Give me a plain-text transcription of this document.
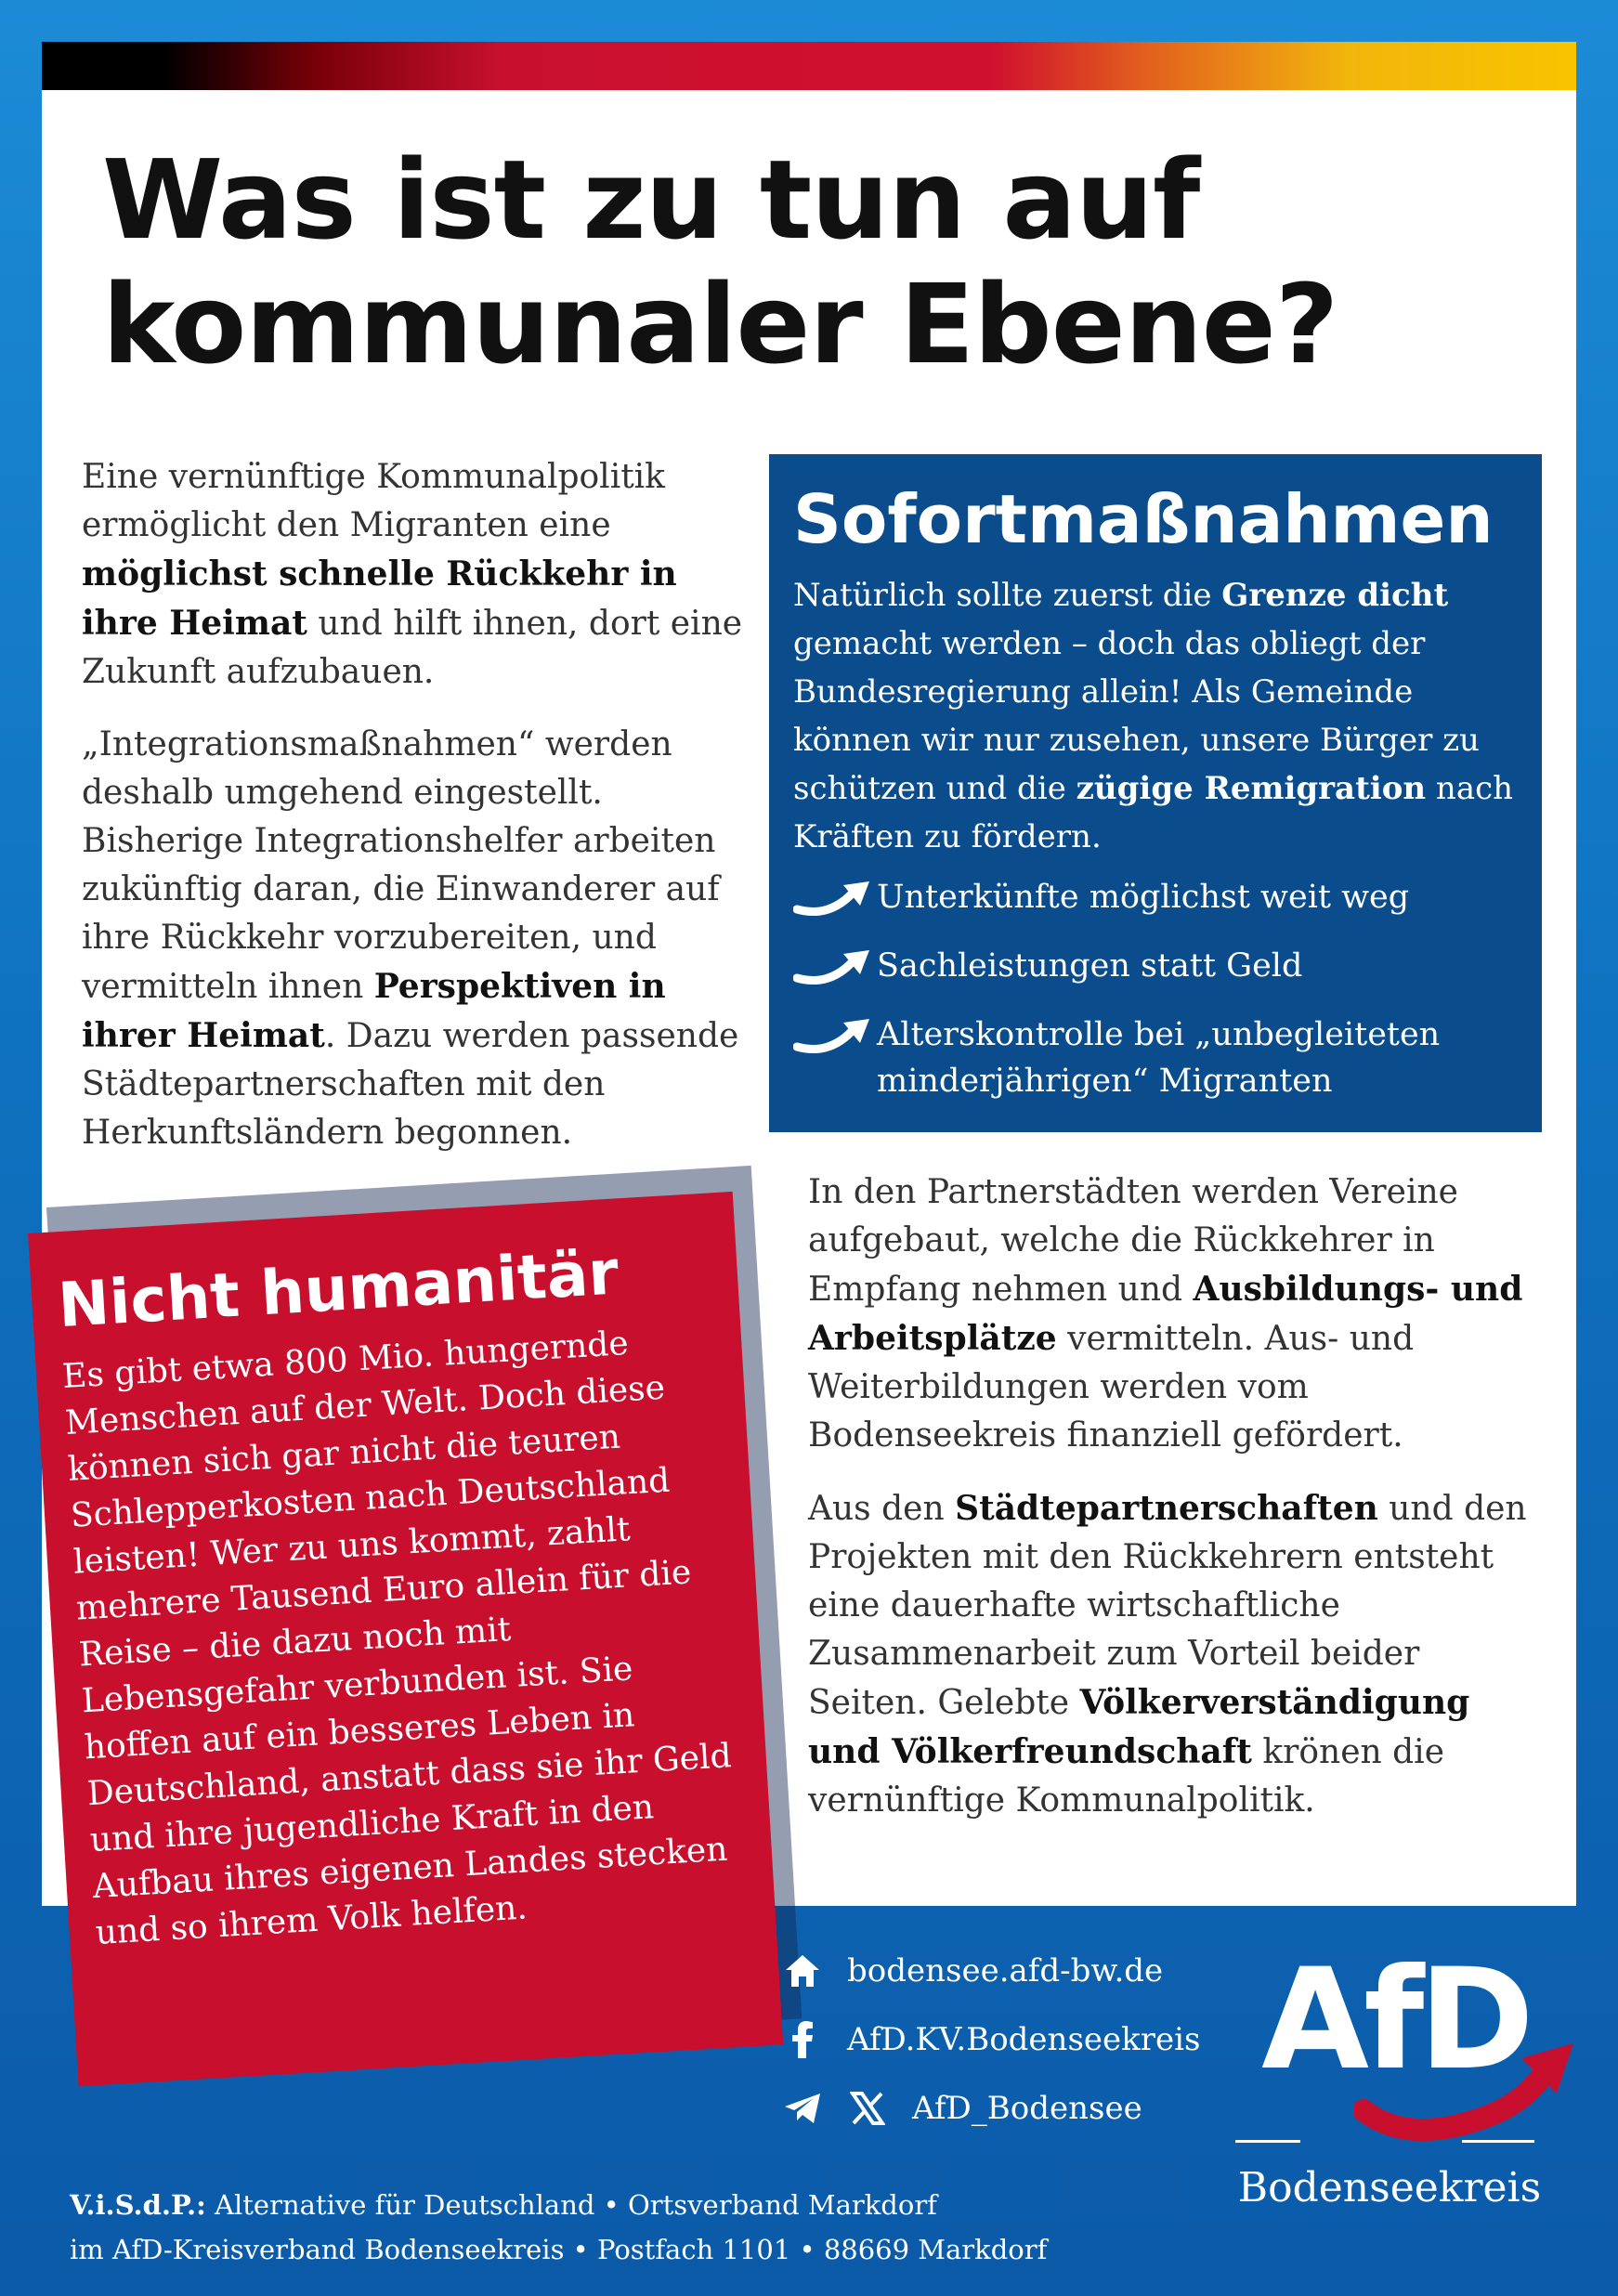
Was ist zu tun auf
kommunaler Ebene?

Eine vernünftige Kommunalpolitik ermöglicht den Migranten eine möglichst schnelle Rückkehr in ihre Heimat und hilft ihnen, dort eine Zukunft aufzubauen.

„Integrationsmaßnahmen“ werden deshalb umgehend eingestellt. Bisherige Integrationshelfer arbeiten zukünftig daran, die Einwanderer auf ihre Rückkehr vorzubereiten, und vermitteln ihnen Perspektiven in ihrer Heimat. Dazu werden passende Städtepartnerschaften mit den Herkunftsländern begonnen.

Sofortmaßnahmen

Natürlich sollte zuerst die Grenze dicht gemacht werden – doch das obliegt der Bundesregierung allein! Als Gemeinde können wir nur zusehen, unsere Bürger zu schützen und die zügige Remigration nach Kräften zu fördern.

Unterkünfte möglichst weit weg
Sachleistungen statt Geld
Alterskontrolle bei „unbegleiteten minderjährigen“ Migranten

In den Partnerstädten werden Vereine aufgebaut, welche die Rückkehrer in Empfang nehmen und Ausbildungs- und Arbeitsplätze vermitteln. Aus- und Weiterbildungen werden vom Bodenseekreis finanziell gefördert.

Aus den Städtepartnerschaften und den Projekten mit den Rückkehrern entsteht eine dauerhafte wirtschaftliche Zusammenarbeit zum Vorteil beider Seiten. Gelebte Völkerverständigung und Völkerfreundschaft krönen die vernünftige Kommunalpolitik.

Nicht humanitär

Es gibt etwa 800 Mio. hungernde Menschen auf der Welt. Doch diese können sich gar nicht die teuren Schlepperkosten nach Deutschland leisten! Wer zu uns kommt, zahlt mehrere Tausend Euro allein für die Reise – die dazu noch mit Lebensgefahr verbunden ist. Sie hoffen auf ein besseres Leben in Deutschland, anstatt dass sie ihr Geld und ihre jugendliche Kraft in den Aufbau ihres eigenen Landes stecken und so ihrem Volk helfen.

bodensee.afd-bw.de
AfD.KV.Bodenseekreis
AfD_Bodensee
AfD
Bodenseekreis
V.i.S.d.P.: Alternative für Deutschland • Ortsverband Markdorf
im AfD-Kreisverband Bodenseekreis • Postfach 1101 • 88669 Markdorf
